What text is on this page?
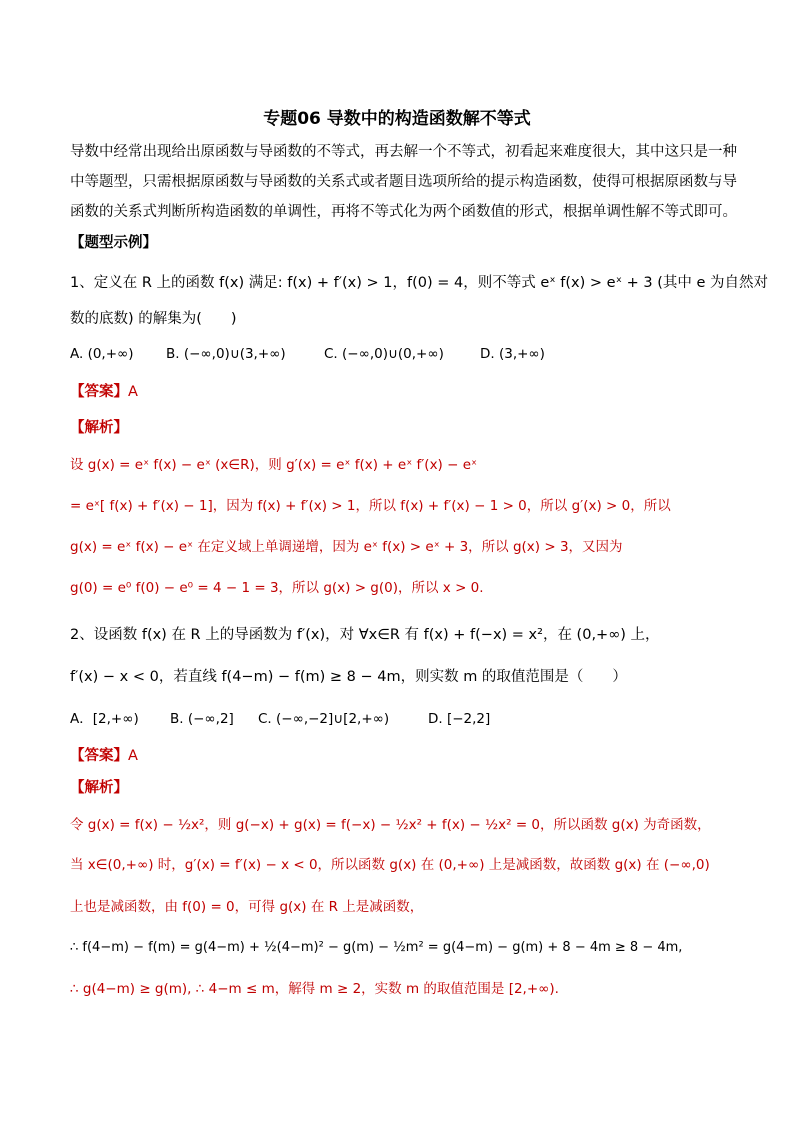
专题06 导数中的构造函数解不等式
导数中经常出现给出原函数与导函数的不等式，再去解一个不等式，初看起来难度很大，其中这只是一种
中等题型，只需根据原函数与导函数的关系式或者题目选项所给的提示构造函数，使得可根据原函数与导
函数的关系式判断所构造函数的单调性，再将不等式化为两个函数值的形式，根据单调性解不等式即可。
【题型示例】
1、定义在 R 上的函数 f(x) 满足: f(x) + f′(x) > 1，f(0) = 4，则不等式 eˣ f(x) > eˣ + 3 (其中 e 为自然对
数的底数) 的解集为(　　)
A. (0,+∞) B. (−∞,0)∪(3,+∞)	C. (−∞,0)∪(0,+∞)	D. (3,+∞)
【答案】A
【解析】
设 g(x) = eˣ f(x) − eˣ (x∈R)，则 g′(x) = eˣ f(x) + eˣ f′(x) − eˣ
= eˣ[ f(x) + f′(x) − 1]，因为 f(x) + f′(x) > 1，所以 f(x) + f′(x) − 1 > 0，所以 g′(x) > 0，所以
g(x) = eˣ f(x) − eˣ 在定义域上单调递增，因为 eˣ f(x) > eˣ + 3，所以 g(x) > 3，又因为
g(0) = e⁰ f(0) − e⁰ = 4 − 1 = 3，所以 g(x) > g(0)，所以 x > 0.
2、设函数 f(x) 在 R 上的导函数为 f′(x)，对 ∀x∈R 有 f(x) + f(−x) = x²，在 (0,+∞) 上，
f′(x) − x < 0，若直线 f(4−m) − f(m) ≥ 8 − 4m，则实数 m 的取值范围是（　　）
A．[2,+∞) B. (−∞,2] C. (−∞,−2]∪[2,+∞)	D. [−2,2]
【答案】A
【解析】
令 g(x) = f(x) − ½x²，则 g(−x) + g(x) = f(−x) − ½x² + f(x) − ½x² = 0，所以函数 g(x) 为奇函数，
当 x∈(0,+∞) 时，g′(x) = f′(x) − x < 0，所以函数 g(x) 在 (0,+∞) 上是减函数，故函数 g(x) 在 (−∞,0)
上也是减函数，由 f(0) = 0，可得 g(x) 在 R 上是减函数，
∴ f(4−m) − f(m) = g(4−m) + ½(4−m)² − g(m) − ½m² = g(4−m) − g(m) + 8 − 4m ≥ 8 − 4m,
∴ g(4−m) ≥ g(m), ∴ 4−m ≤ m，解得 m ≥ 2，实数 m 的取值范围是 [2,+∞).
